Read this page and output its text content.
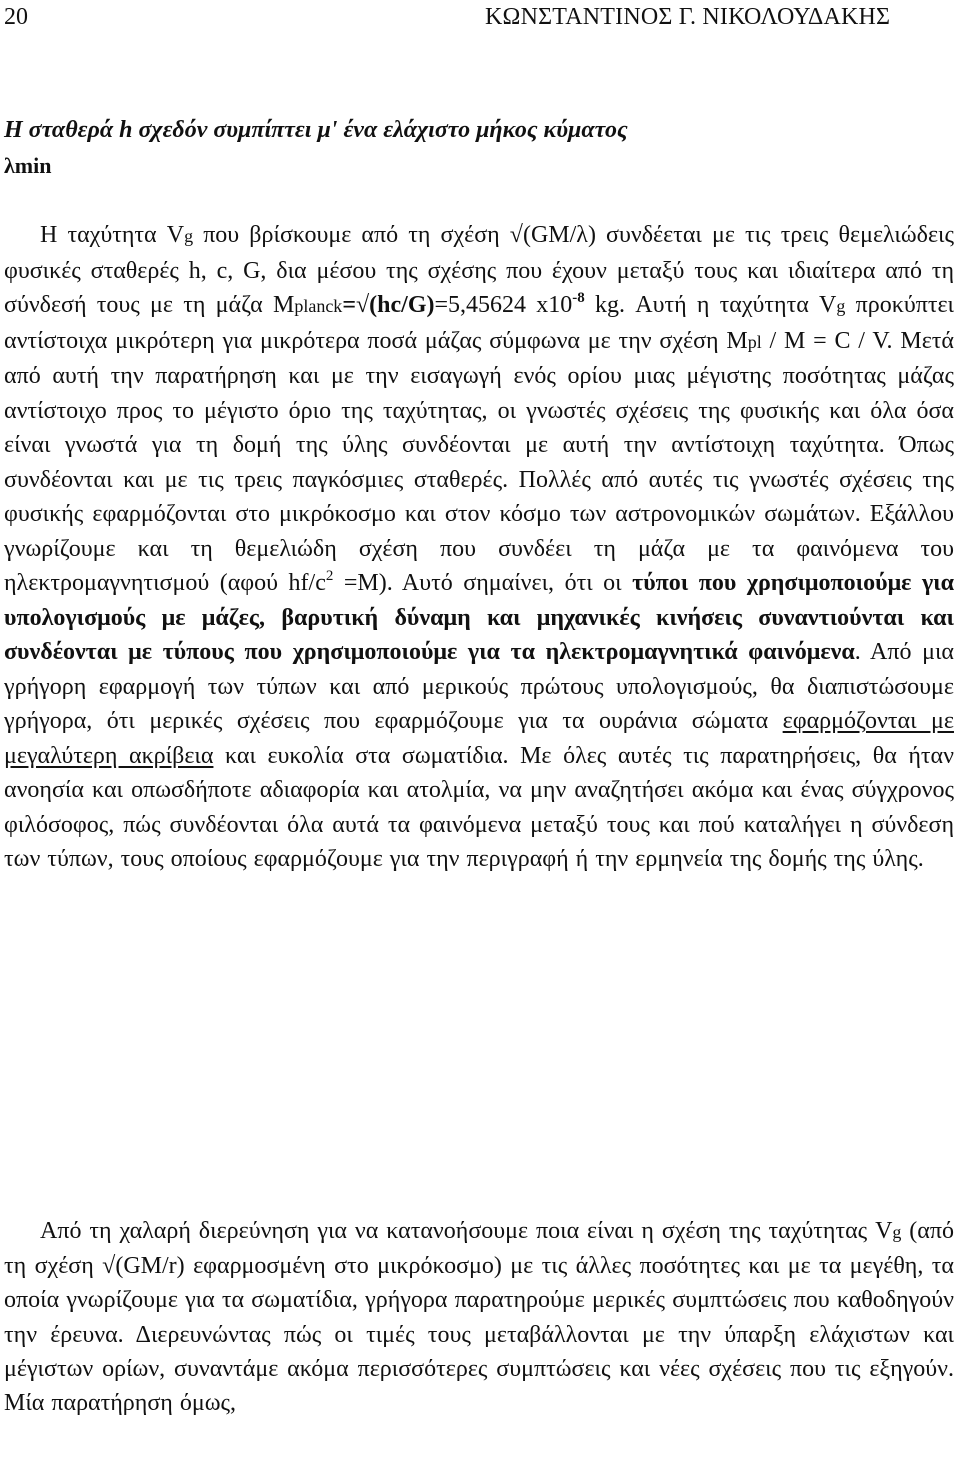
20	ΚΩΝΣΤΑΝΤΙΝΟΣ Γ. ΝΙΚΟΛΟΥΔΑΚΗΣ
Η σταθερά h σχεδόν συμπίπτει μ' ένα ελάχιστο μήκος κύματος
λmin
Η ταχύτητα Vg που βρίσκουμε από τη σχέση √(GM/λ) συνδέεται με τις τρεις θεμελιώδεις φυσικές σταθερές h, c, G, δια μέσου της σχέσης που έχουν μεταξύ τους και ιδιαίτερα από τη σύνδεσή τους με τη μάζα Mplanck=√(hc/G)=5,45624 $x10^{-8}$ kg. Αυτή η ταχύτητα Vg προκύπτει αντίστοιχα μικρότερη για μικρότερα ποσά μάζας σύμφωνα με την σχέση Mpl / M = C / V. Μετά από αυτή την παρατήρηση και με την εισαγωγή ενός ορίου μιας μέγιστης ποσότητας μάζας αντίστοιχο προς το μέγιστο όριο της ταχύτητας, οι γνωστές σχέσεις της φυσικής και όλα όσα είναι γνωστά για τη δομή της ύλης συνδέονται με αυτή την αντίστοιχη ταχύτητα. Όπως συνδέονται και με τις τρεις παγκόσμιες σταθερές. Πολλές από αυτές τις γνωστές σχέσεις της φυσικής εφαρμόζονται στο μικρόκοσμο και στον κόσμο των αστρονομικών σωμάτων. Εξάλλου γνωρίζουμε και τη θεμελιώδη σχέση που συνδέει τη μάζα με τα φαινόμενα του ηλεκτρομαγνητισμού (αφού $hf/c^2 =M$). Αυτό σημαίνει, ότι οι τύποι που χρησιμοποιούμε για υπολογισμούς με μάζες, βαρυτική δύναμη και μηχανικές κινήσεις συναντιούνται και συνδέονται με τύπους που χρησιμοποιούμε για τα ηλεκτρομαγνητικά φαινόμενα. Από μια γρήγορη εφαρμογή των τύπων και από μερικούς πρώτους υπολογισμούς, θα διαπιστώσουμε γρήγορα, ότι μερικές σχέσεις που εφαρμόζουμε για τα ουράνια σώματα εφαρμόζονται με μεγαλύτερη ακρίβεια και ευκολία στα σωματίδια. Με όλες αυτές τις παρατηρήσεις, θα ήταν ανοησία και οπωσδήποτε αδιαφορία και ατολμία, να μην αναζητήσει ακόμα και ένας σύγχρονος φιλόσοφος, πώς συνδέονται όλα αυτά τα φαινόμενα μεταξύ τους και πού καταλήγει η σύνδεση των τύπων, τους οποίους εφαρμόζουμε για την περιγραφή ή την ερμηνεία της δομής της ύλης.
Από τη χαλαρή διερεύνηση για να κατανοήσουμε ποια είναι η σχέση της ταχύτητας Vg (από τη σχέση √(GM/r) εφαρμοσμένη στο μικρόκοσμο) με τις άλλες ποσότητες και με τα μεγέθη, τα οποία γνωρίζουμε για τα σωματίδια, γρήγορα παρατηρούμε μερικές συμπτώσεις που καθοδηγούν την έρευνα. Διερευνώντας πώς οι τιμές τους μεταβάλλονται με την ύπαρξη ελάχιστων και μέγιστων ορίων, συναντάμε ακόμα περισσότερες συμπτώσεις και νέες σχέσεις που τις εξηγούν. Μία παρατήρηση όμως,
